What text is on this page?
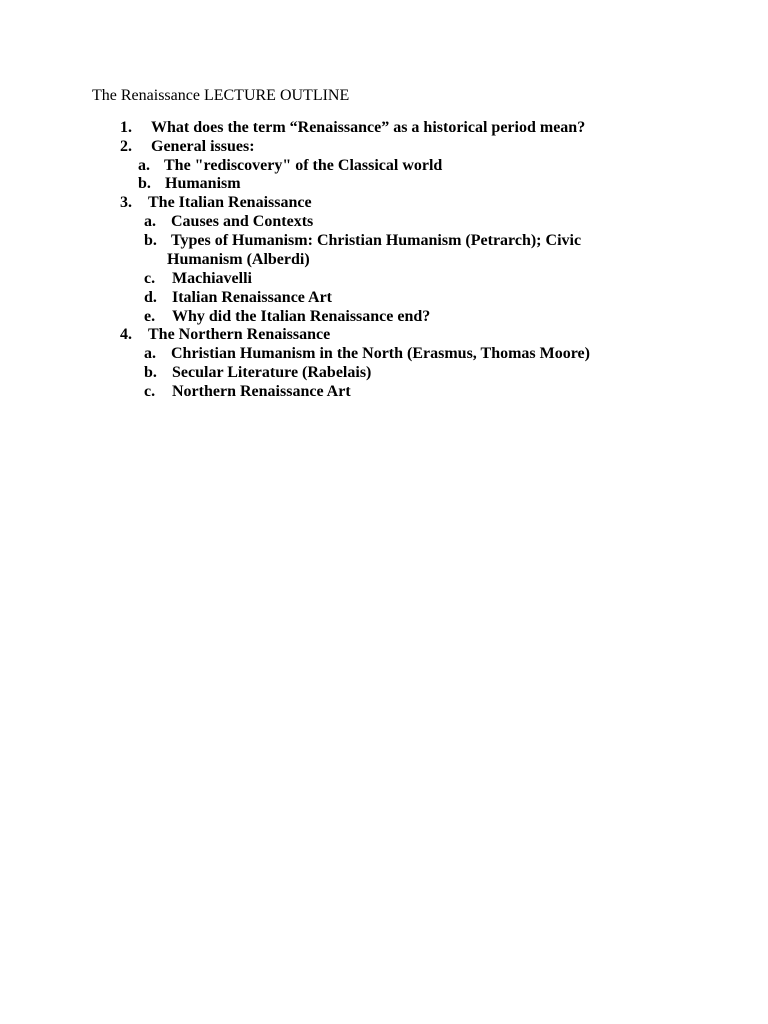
The Renaissance LECTURE OUTLINE
1. What does the term “Renaissance” as a historical period mean?
2. General issues:
a. The "rediscovery" of the Classical world
b. Humanism
3. The Italian Renaissance
a. Causes and Contexts
b. Types of Humanism: Christian Humanism (Petrarch); Civic
Humanism (Alberdi)
c. Machiavelli
d. Italian Renaissance Art
e. Why did the Italian Renaissance end?
4. The Northern Renaissance
a. Christian Humanism in the North (Erasmus, Thomas Moore)
b. Secular Literature (Rabelais)
c. Northern Renaissance Art
